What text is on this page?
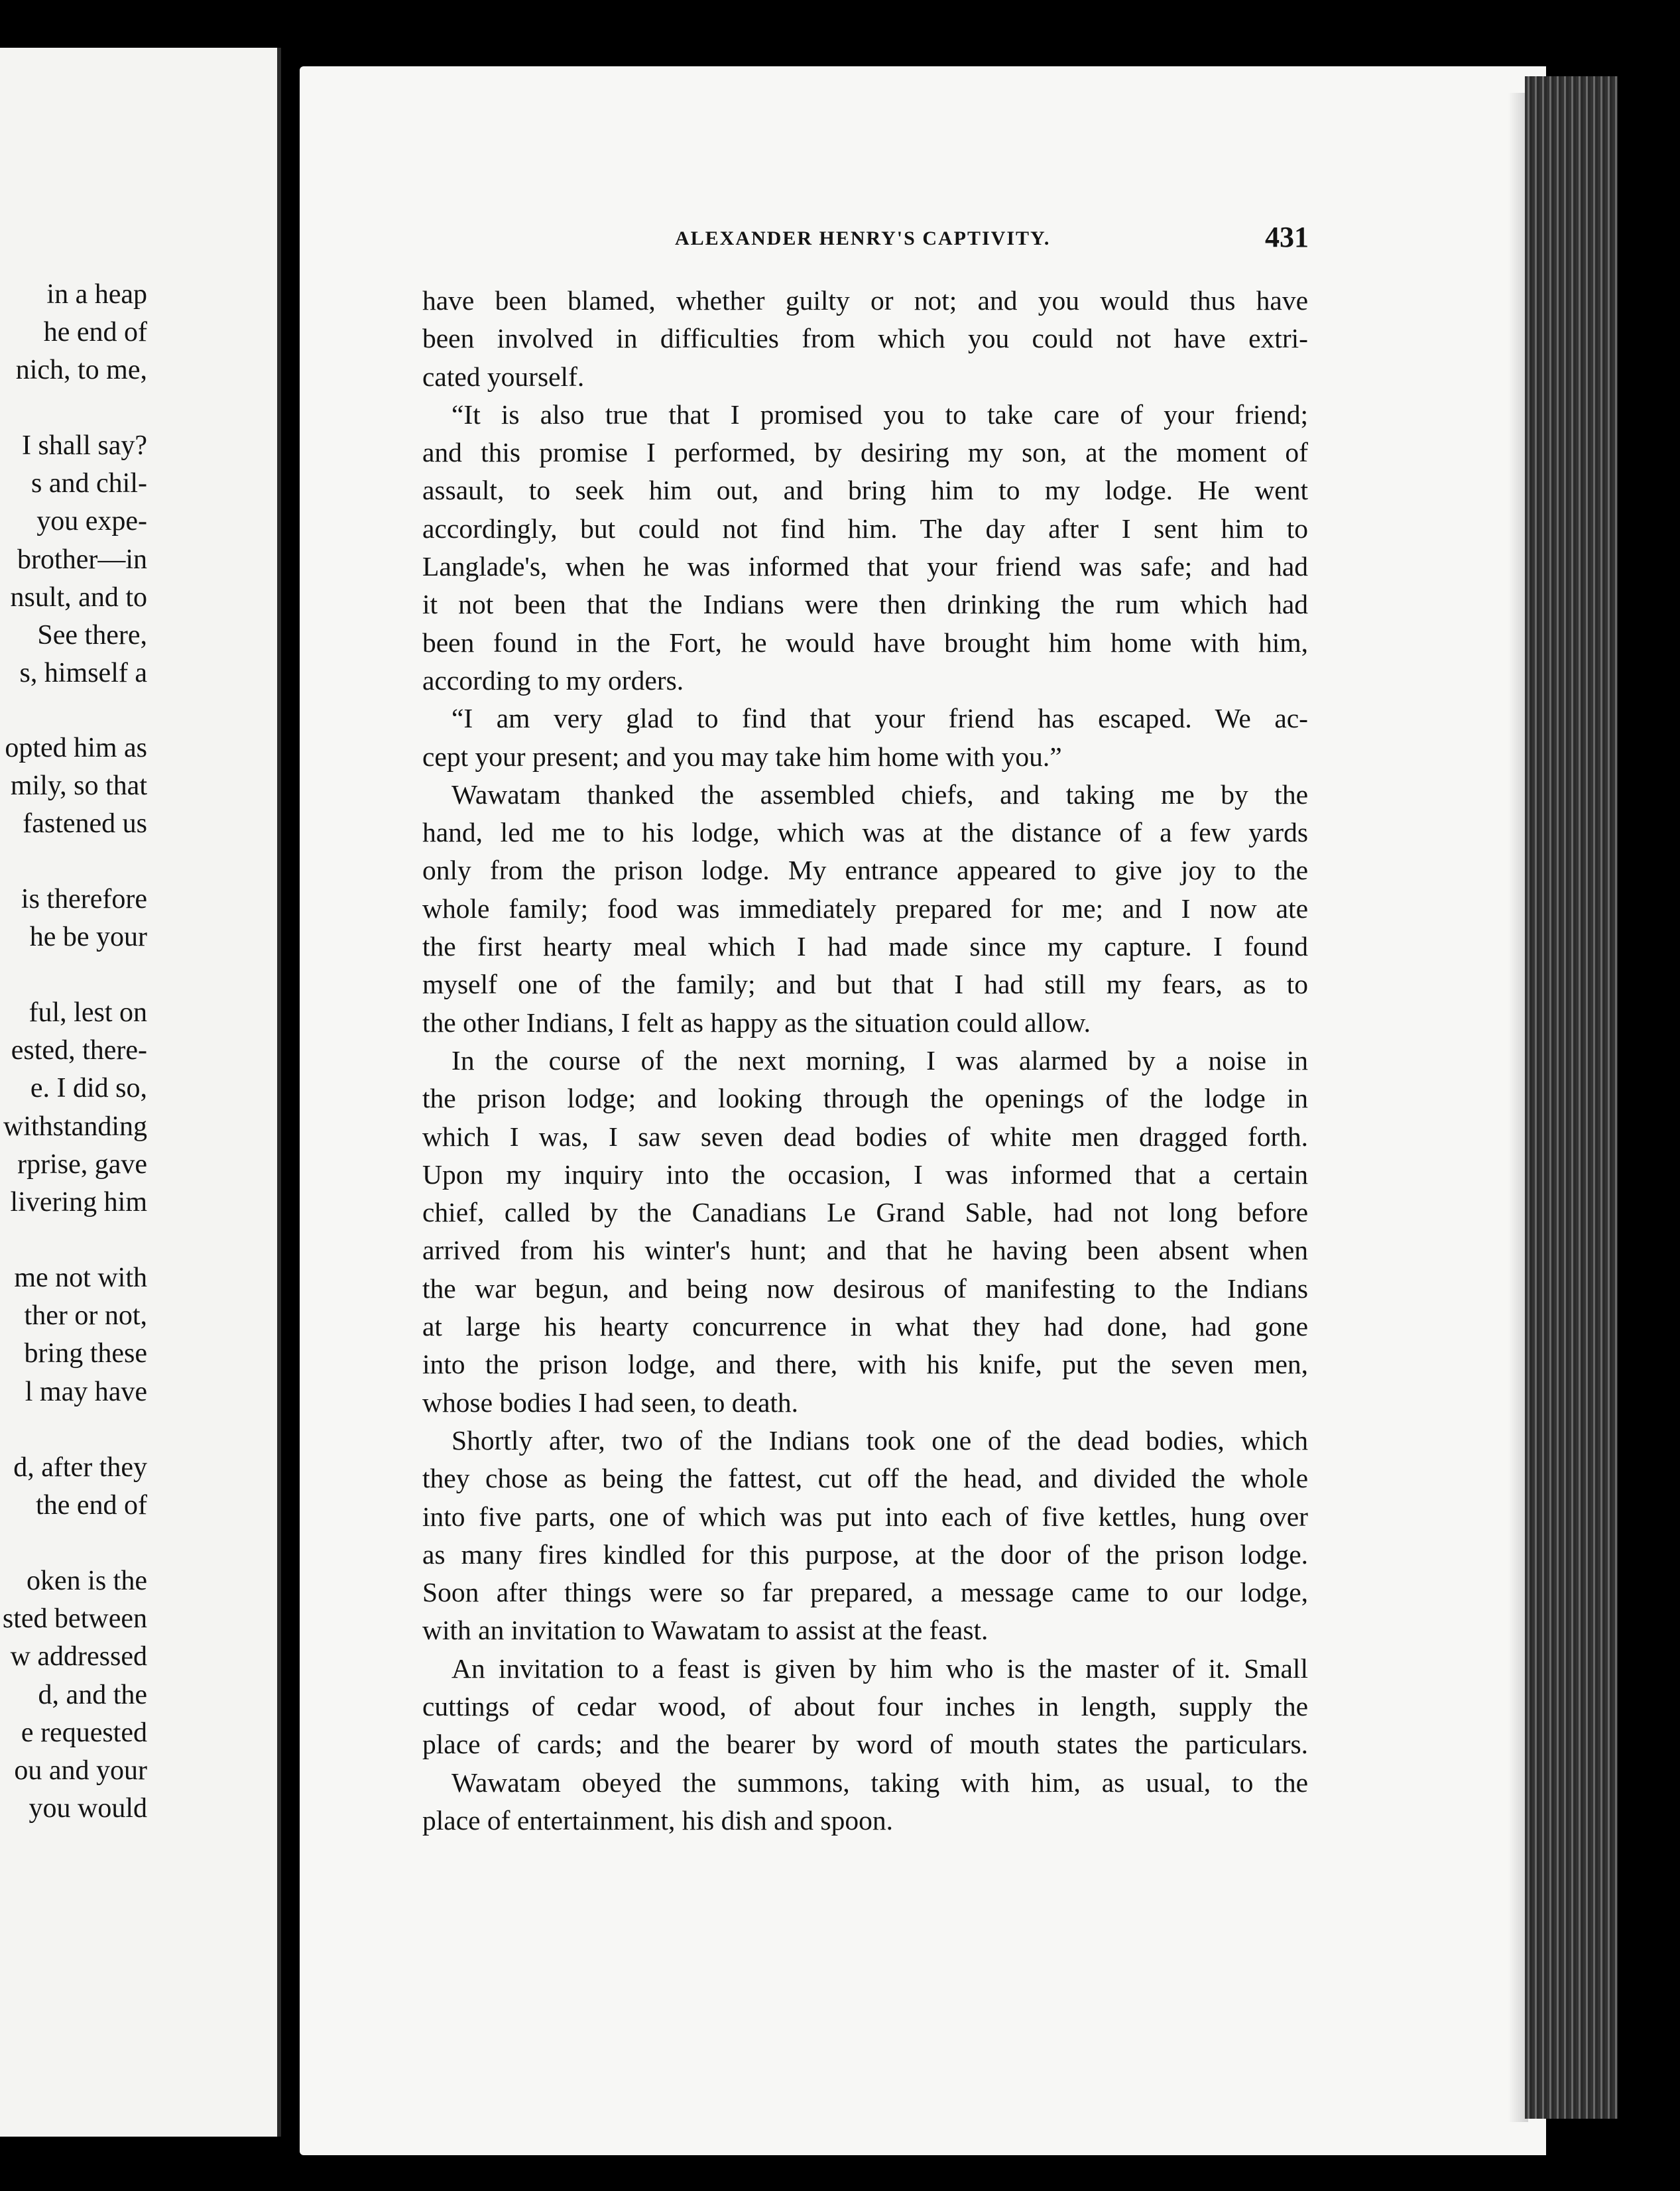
in a heap
he end of
nich, to me,
I shall say?
s and chil-
you expe-
brother—in
nsult, and to
See there,
s, himself a
opted him as
mily, so that
fastened us
is therefore
he be your
ful, lest on
ested, there-
e. I did so,
withstanding
rprise, gave
livering him
me not with
ther or not,
bring these
l may have
d, after they
the end of
oken is the
sted between
w addressed
d, and the
e requested
ou and your
you would
ALEXANDER HENRY'S CAPTIVITY.	431
have been blamed, whether guilty or not; and you would thus have
been involved in difficulties from which you could not have extri-
cated yourself.
“It is also true that I promised you to take care of your friend;
and this promise I performed, by desiring my son, at the moment of
assault, to seek him out, and bring him to my lodge. He went
accordingly, but could not find him. The day after I sent him to
Langlade's, when he was informed that your friend was safe; and had
it not been that the Indians were then drinking the rum which had
been found in the Fort, he would have brought him home with him,
according to my orders.
“I am very glad to find that your friend has escaped. We ac-
cept your present; and you may take him home with you.”
Wawatam thanked the assembled chiefs, and taking me by the
hand, led me to his lodge, which was at the distance of a few yards
only from the prison lodge. My entrance appeared to give joy to the
whole family; food was immediately prepared for me; and I now ate
the first hearty meal which I had made since my capture. I found
myself one of the family; and but that I had still my fears, as to
the other Indians, I felt as happy as the situation could allow.
In the course of the next morning, I was alarmed by a noise in
the prison lodge; and looking through the openings of the lodge in
which I was, I saw seven dead bodies of white men dragged forth.
Upon my inquiry into the occasion, I was informed that a certain
chief, called by the Canadians Le Grand Sable, had not long before
arrived from his winter's hunt; and that he having been absent when
the war begun, and being now desirous of manifesting to the Indians
at large his hearty concurrence in what they had done, had gone
into the prison lodge, and there, with his knife, put the seven men,
whose bodies I had seen, to death.
Shortly after, two of the Indians took one of the dead bodies, which
they chose as being the fattest, cut off the head, and divided the whole
into five parts, one of which was put into each of five kettles, hung over
as many fires kindled for this purpose, at the door of the prison lodge.
Soon after things were so far prepared, a message came to our lodge,
with an invitation to Wawatam to assist at the feast.
An invitation to a feast is given by him who is the master of it. Small
cuttings of cedar wood, of about four inches in length, supply the
place of cards; and the bearer by word of mouth states the particulars.
Wawatam obeyed the summons, taking with him, as usual, to the
place of entertainment, his dish and spoon.
